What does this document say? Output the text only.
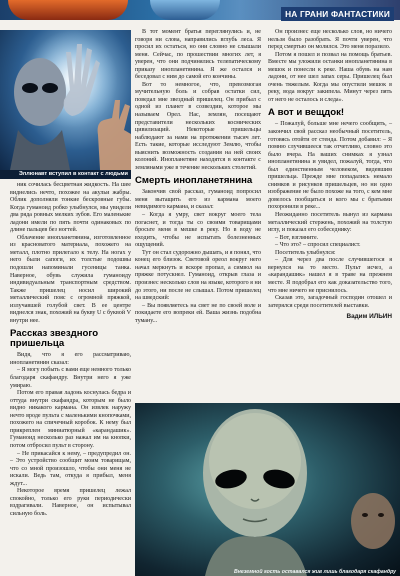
НА ГРАНИ ФАНТАСТИКИ
Эллюнавт вступил в контакт с людьми

ник сочилась бесцветная жидкость. На шее виднелись нечто, похожее на акульи жабры. Облик дополняли тонкие бескровные губы. Когда гуманоид робко улыбнулся, мы увидели два ряда ровных мелких зубов. Его маленькие ладони имели по пять почти одинаковых по длине пальцев без ногтей.

Облачение инопланетянина, изготовленное из красноватого материала, похожего на металл, плотно прилегало к телу. На ногах у него были сапоги, их толстые подошвы подошли напоминали гусеницы танка. Наверное, обувь служила гуманоиду индивидуальным транспортным средством. Также пришелец носил широкий металлический пояс с огромной пряжкой, излучавшей голубой свет. В ее центре виднелся знак, похожий на букву U с буквой V внутри нее.

Рассказ звездного пришельца

Видя, что я его рассматриваю, инопланетянин сказал:

– Я могу побыть с вами еще немного только благодаря скафандру. Внутри него я уже умираю.

Потом его правая ладонь коснулась бедра и оттуда внутри скафандра, которым не было видно никакого кармана. Он извлек наружу нечто вроде пульта с маленькими кнопочками, похожего на спичечный коробок. К нему был прикреплен миниатюрный «карандашик». Гуманоид несколько раз нажал им на кнопки, потом отбросил пульт в сторону.

– Не прикасайся к нему, – предупредил он. – Это устройство сообщит моим товарищам, что со мной произошло, чтобы они меня не искали. Ведь там, откуда я прибыл, меня ждут...

Некоторое время пришелец лежал спокойно, только его руки периодически вздрагивали. Наверное, он испытывал сильную боль.

В тот момент братья переглянулись и, не говоря ни слова, направились вглубь леса. Я просил их остаться, но они словно не слышали меня. Сейчас, по прошествии многих лет, я уверен, что они подчинялись телепатическому приказу инопланетянина. Я же остался и беседовал с ним до самой его кончины.

Вот то немногое, что, превозмогая мучительную боль и собрав остатки сил, поведал мне звездный пришелец. Он прибыл с одной из планет в созвездии, которое мы называем Орел. Нас, землян, посещают представители нескольких космических цивилизаций. Некоторые пришельцы наблюдают за нами на протяжении тысяч лет. Есть такие, которые исследуют Землю, чтобы выяснить возможность создания на ней своих колоний. Инопланетяне находятся в контакте с землянами уже в течение нескольких столетий.

Смерть инопланетянина

Закончив свой рассказ, гуманоид попросил меня вытащить его из кармана моего невидимого кармана, и сказал:

– Когда я умру, свет вокруг моего тела погаснет, и тогда ты со своими товарищами бросьте меня в мешке в реку. Но в воду не входить, чтобы не испытать болезненных ощущений.

Тут он стал судорожно дышать, и я понял, что конец его близок. Световой ореол вокруг него начал меркнуть и вскоре пропал, а символ на пряжке потускнел. Гуманоид, открыв глаза и произнес несколько слов на языке, которого я ни до этого, ни после не слышал. Потом пришелец на шведский:

– Вы появляетесь на свет не по своей воле и покидаете его вопреки ей. Ваша жизнь подобна туману...

Он произнес еще несколько слов, но ничего нельзя было разобрать. Я почти уверен, что перед смертью он молился. Это меня поразило.

Потом я пошел и позвал на помощь братьев. Вместе мы уложили останки инопланетянина в мешок и понесли к реке. Наша обувь на нам ладони, от нее шел запах серы. Пришелец был очень тяжелым. Когда мы опустили мешок в реку, вода вокруг закипела. Минут через пять от него не осталось и следа».

А вот и вещдок!

– Пожалуй, больше мне нечего сообщить, – закончил свой рассказ необычный посетитель, готовясь отойти от стенда. Потом добавил: – Я помню случившееся так отчетливо, словно это было вчера. На ваших снимках я узнал инопланетянина и увидел, пожалуй, тогда, что был единственным человеком, видевшим пришельца. Прежде мне попадались немало снимков и рисунков пришельцев, но ни одно изображение не было похоже на того, с кем мне довелось пообщаться и кого мы с братьями похоронили в реке...

Неожиданно посетитель вынул из кармана металлический стержень, похожий на толстую иглу, и показал его собеседнику:

– Вот, взгляните.

– Что это? – спросил специалист.

Посетитель улыбнулся:

– Для через два после случившегося я вернулся на то место. Пульт исчез, а «карандашик» нашел я в траве на прежнем месте. Я подобрал его как доказательство того, что мне ничего не приснилось.

Сказав это, загадочный господин отошел и затерялся среди посетителей выставки.

Вадим ИЛЬИН
Внеземной гость оставался жив лишь благодаря скафандру
